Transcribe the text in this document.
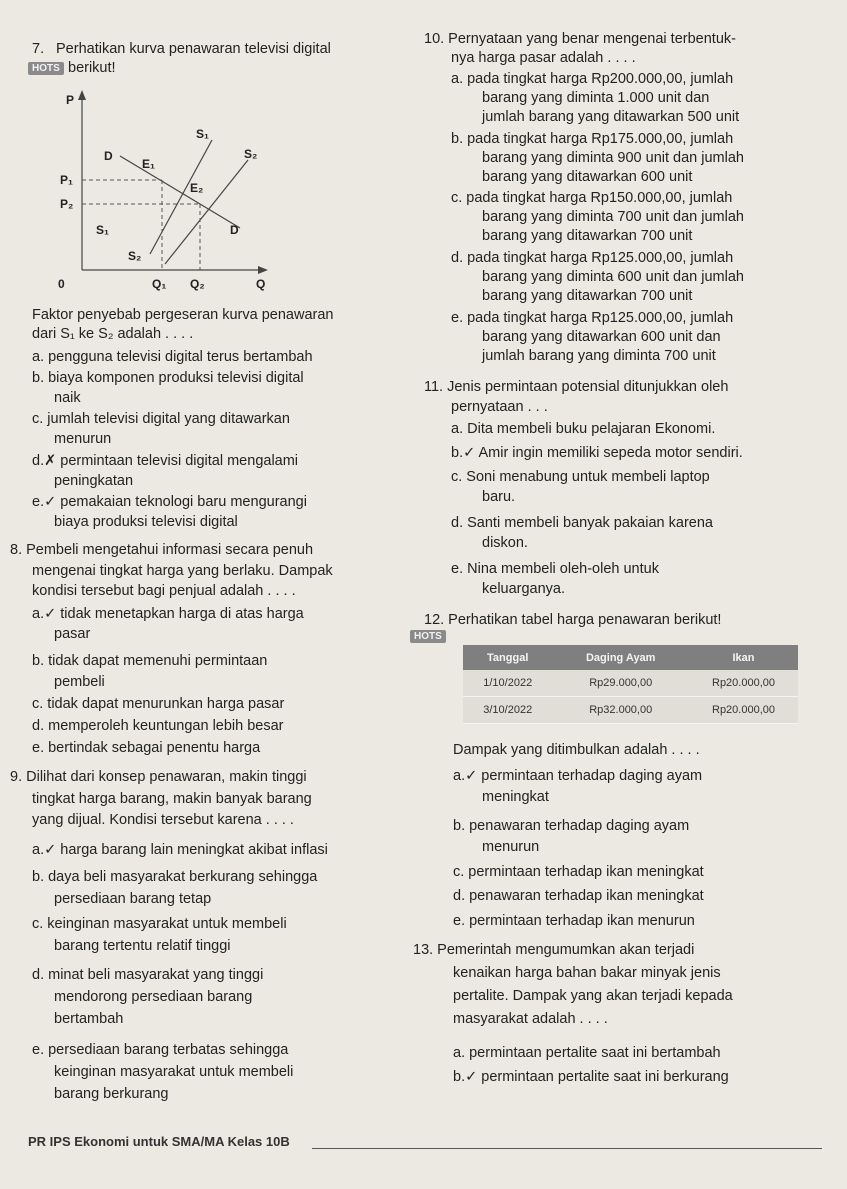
7. Perhatikan kurva penawaran televisi digital
HOTS berikut!
P
S₁
S₂
D
E₁
E₂
P₁
P₂
S₁
S₂
D
0	Q₁ Q₂	Q
Faktor penyebab pergeseran kurva penawaran
dari S₁ ke S₂ adalah . . . .
a. pengguna televisi digital terus bertambah
b. biaya komponen produksi televisi digital
naik
c. jumlah televisi digital yang ditawarkan
menurun
d.✗ permintaan televisi digital mengalami
peningkatan
e.✓ pemakaian teknologi baru mengurangi
biaya produksi televisi digital
8. Pembeli mengetahui informasi secara penuh
mengenai tingkat harga yang berlaku. Dampak
kondisi tersebut bagi penjual adalah . . . .
a.✓ tidak menetapkan harga di atas harga
pasar
b. tidak dapat memenuhi permintaan
pembeli
c. tidak dapat menurunkan harga pasar
d. memperoleh keuntungan lebih besar
e. bertindak sebagai penentu harga
9. Dilihat dari konsep penawaran, makin tinggi
tingkat harga barang, makin banyak barang
yang dijual. Kondisi tersebut karena . . . .
a.✓ harga barang lain meningkat akibat inflasi
b. daya beli masyarakat berkurang sehingga
persediaan barang tetap
c. keinginan masyarakat untuk membeli
barang tertentu relatif tinggi
d. minat beli masyarakat yang tinggi
mendorong persediaan barang
bertambah
e. persediaan barang terbatas sehingga
keinginan masyarakat untuk membeli
barang berkurang
10. Pernyataan yang benar mengenai terbentuk-
nya harga pasar adalah . . . .
a. pada tingkat harga Rp200.000,00, jumlah
barang yang diminta 1.000 unit dan
jumlah barang yang ditawarkan 500 unit
b. pada tingkat harga Rp175.000,00, jumlah
barang yang diminta 900 unit dan jumlah
barang yang ditawarkan 600 unit
c. pada tingkat harga Rp150.000,00, jumlah
barang yang diminta 700 unit dan jumlah
barang yang ditawarkan 700 unit
d. pada tingkat harga Rp125.000,00, jumlah
barang yang diminta 600 unit dan jumlah
barang yang ditawarkan 700 unit
e. pada tingkat harga Rp125.000,00, jumlah
barang yang ditawarkan 600 unit dan
jumlah barang yang diminta 700 unit
11. Jenis permintaan potensial ditunjukkan oleh
pernyataan . . .
a. Dita membeli buku pelajaran Ekonomi.
b.✓ Amir ingin memiliki sepeda motor sendiri.
c. Soni menabung untuk membeli laptop
baru.
d. Santi membeli banyak pakaian karena
diskon.
e. Nina membeli oleh-oleh untuk
keluarganya.
12. Perhatikan tabel harga penawaran berikut!
HOTS
Tanggal	Daging Ayam	Ikan
1/10/2022	Rp29.000,00	Rp20.000,00
3/10/2022	Rp32.000,00	Rp20.000,00
Dampak yang ditimbulkan adalah . . . .
a.✓ permintaan terhadap daging ayam
meningkat
b. penawaran terhadap daging ayam
menurun
c. permintaan terhadap ikan meningkat
d. penawaran terhadap ikan meningkat
e. permintaan terhadap ikan menurun
13. Pemerintah mengumumkan akan terjadi
kenaikan harga bahan bakar minyak jenis
pertalite. Dampak yang akan terjadi kepada
masyarakat adalah . . . .
a. permintaan pertalite saat ini bertambah
b.✓ permintaan pertalite saat ini berkurang
PR IPS Ekonomi untuk SMA/MA Kelas 10B
